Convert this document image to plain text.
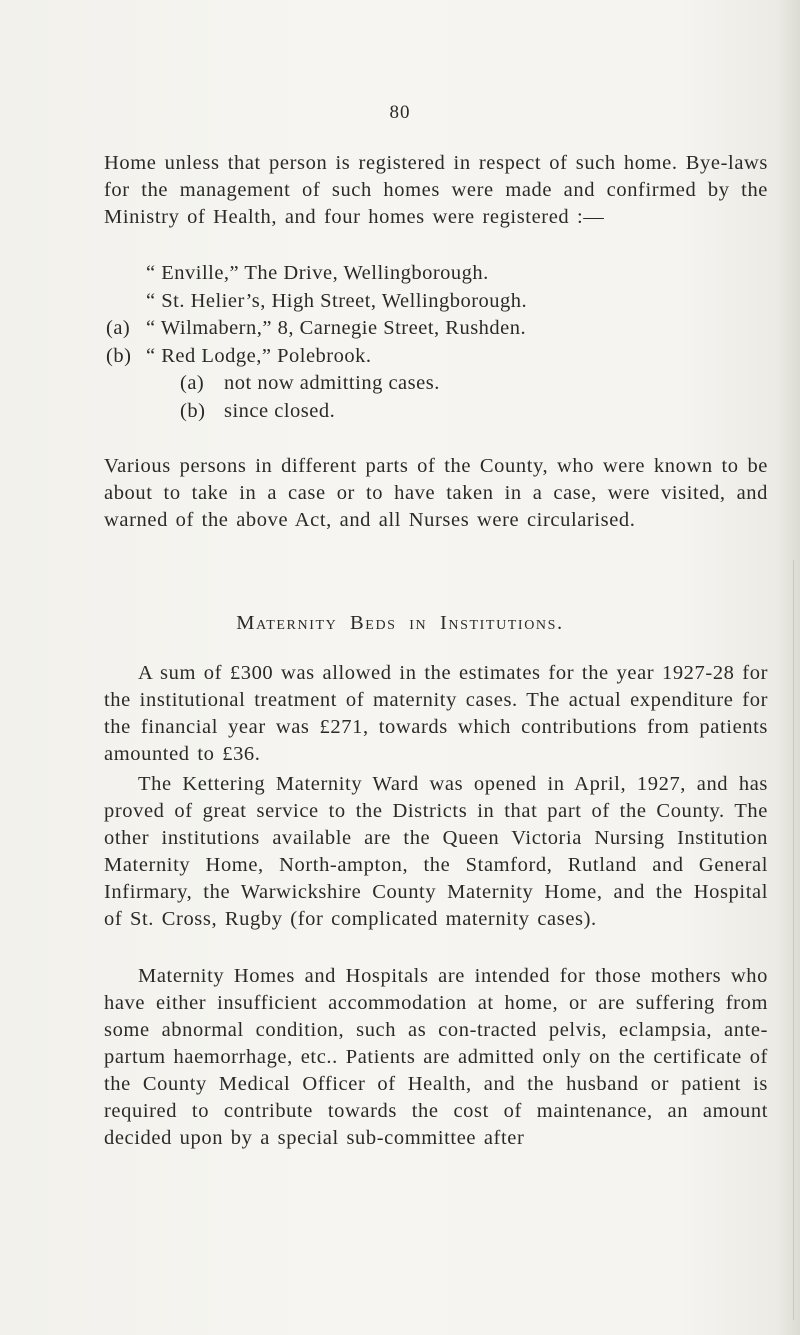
80

Home unless that person is registered in respect of such home. Bye-laws for the management of such homes were made and confirmed by the Ministry of Health, and four homes were registered :—

“ Enville,” The Drive, Wellingborough.
“ St. Helier’s, High Street, Wellingborough.
(a) “ Wilmabern,” 8, Carnegie Street, Rushden.
(b) “ Red Lodge,” Polebrook.
(a) not now admitting cases.
(b) since closed.

Various persons in different parts of the County, who were known to be about to take in a case or to have taken in a case, were visited, and warned of the above Act, and all Nurses were circularised.

Maternity Beds in Institutions.

A sum of £300 was allowed in the estimates for the year 1927-28 for the institutional treatment of maternity cases. The actual expenditure for the financial year was £271, towards which contributions from patients amounted to £36.

The Kettering Maternity Ward was opened in April, 1927, and has proved of great service to the Districts in that part of the County. The other institutions available are the Queen Victoria Nursing Institution Maternity Home, North-ampton, the Stamford, Rutland and General Infirmary, the Warwickshire County Maternity Home, and the Hospital of St. Cross, Rugby (for complicated maternity cases).

Maternity Homes and Hospitals are intended for those mothers who have either insufficient accommodation at home, or are suffering from some abnormal condition, such as con-tracted pelvis, eclampsia, ante-partum haemorrhage, etc.. Patients are admitted only on the certificate of the County Medical Officer of Health, and the husband or patient is required to contribute towards the cost of maintenance, an amount decided upon by a special sub-committee after
